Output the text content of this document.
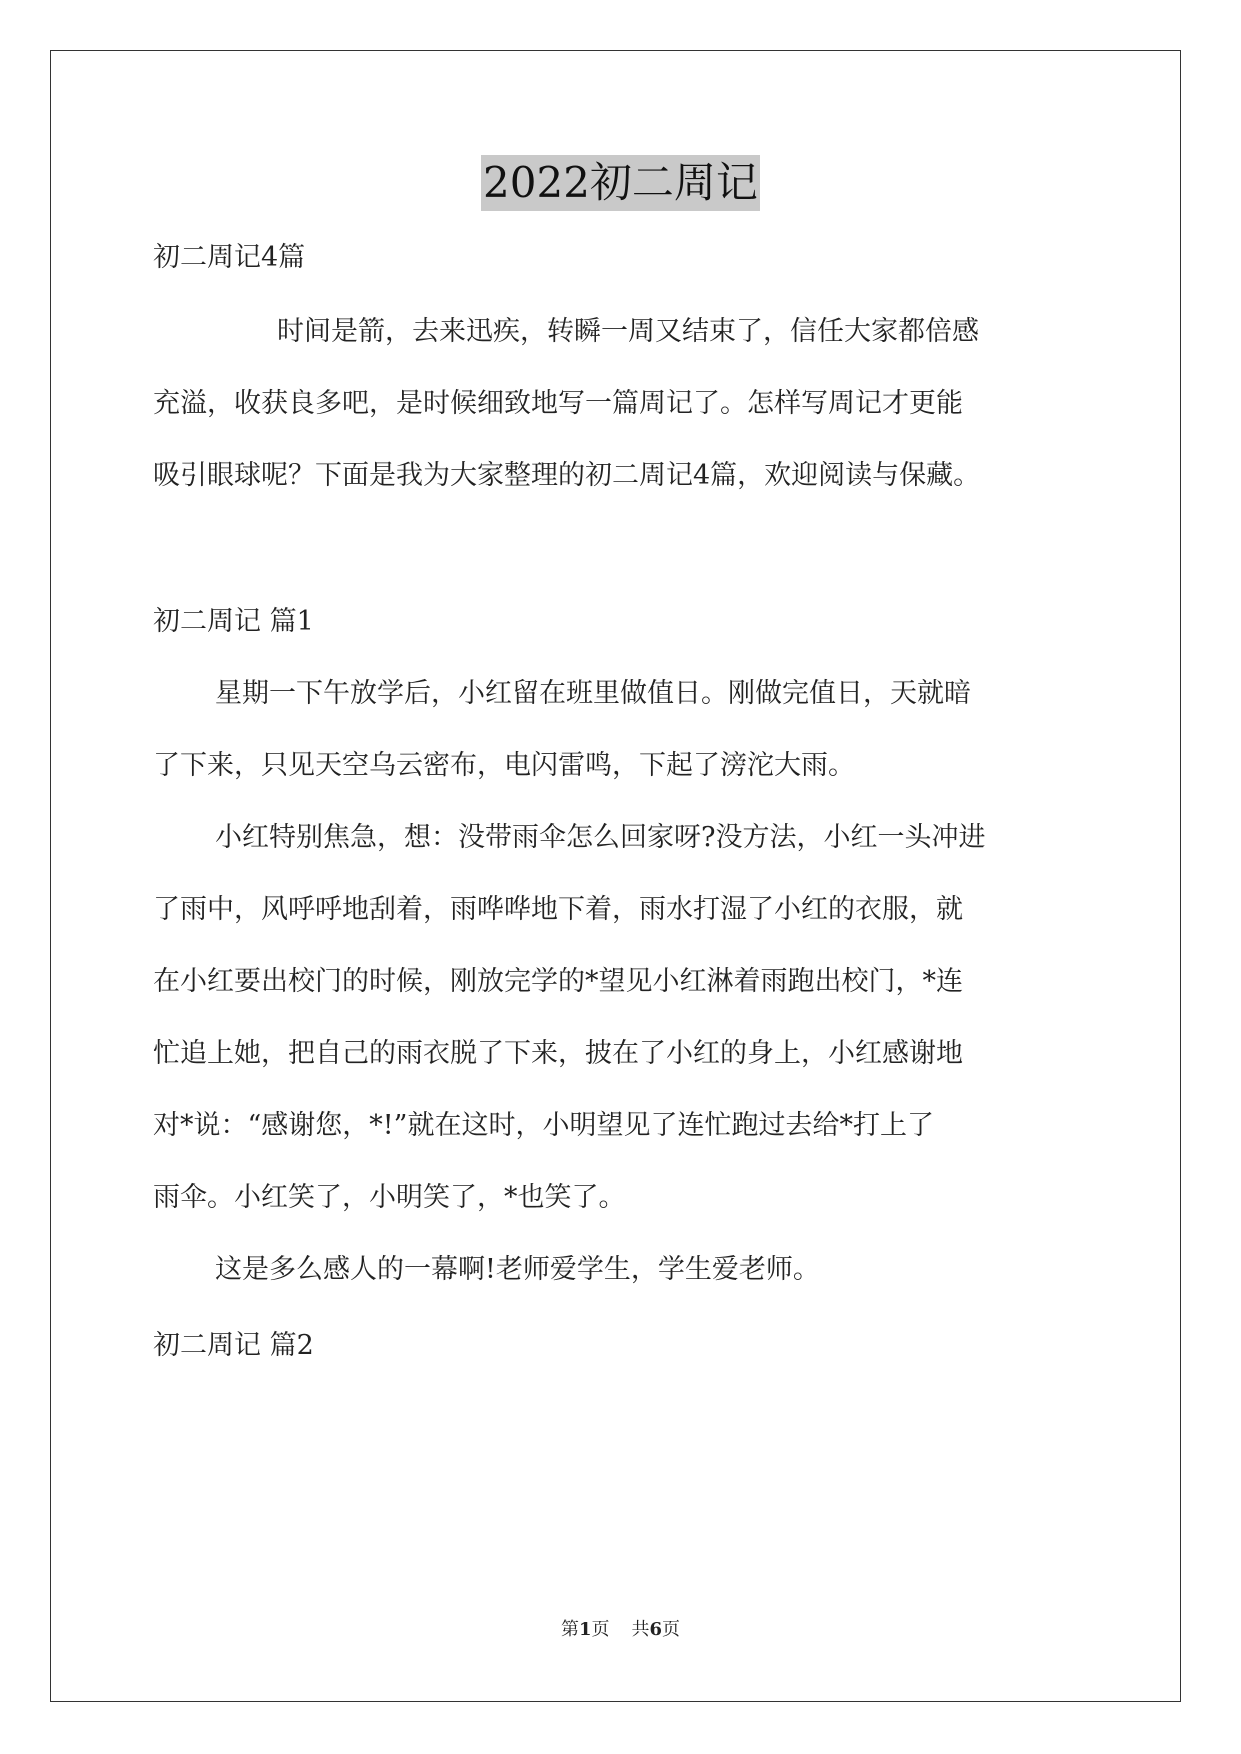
2022初二周记
初二周记4篇
时间是箭，去来迅疾，转瞬一周又结束了，信任大家都倍感
充溢，收获良多吧，是时候细致地写一篇周记了。怎样写周记才更能
吸引眼球呢？下面是我为大家整理的初二周记4篇，欢迎阅读与保藏。
初二周记 篇1
星期一下午放学后，小红留在班里做值日。刚做完值日，天就暗
了下来，只见天空乌云密布，电闪雷鸣，下起了滂沱大雨。
小红特别焦急，想：没带雨伞怎么回家呀?没方法，小红一头冲进
了雨中，风呼呼地刮着，雨哗哗地下着，雨水打湿了小红的衣服，就
在小红要出校门的时候，刚放完学的*望见小红淋着雨跑出校门，*连
忙追上她，把自己的雨衣脱了下来，披在了小红的身上，小红感谢地
对*说：“感谢您，*!”就在这时，小明望见了连忙跑过去给*打上了
雨伞。小红笑了，小明笑了，*也笑了。
这是多么感人的一幕啊!老师爱学生，学生爱老师。
初二周记 篇2
第1页 共6页
